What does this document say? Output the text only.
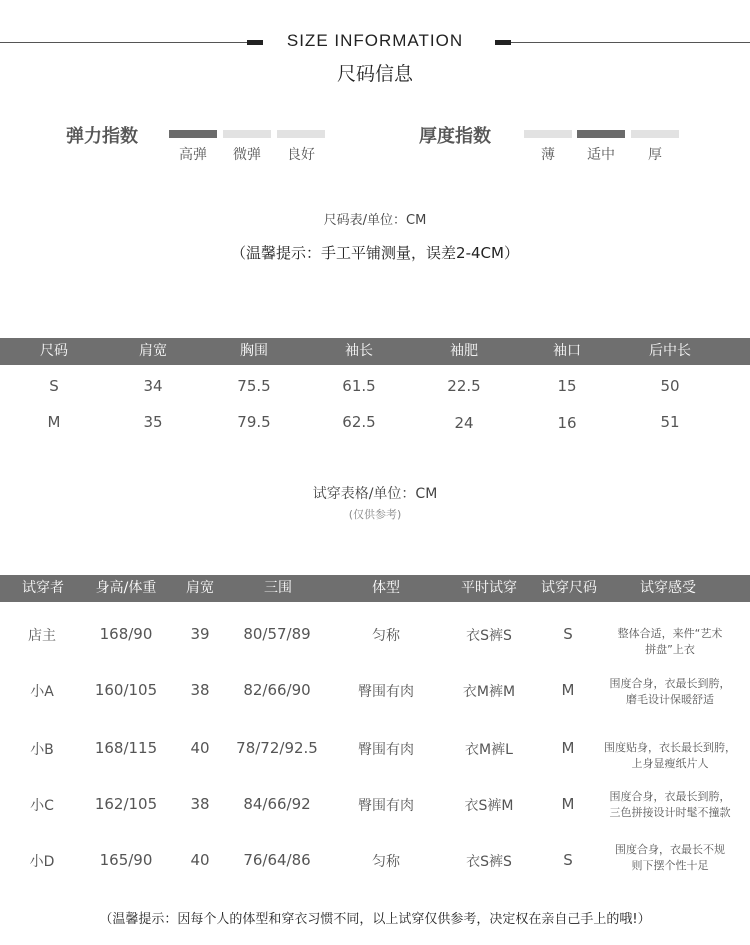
SIZE INFORMATION
尺码信息
弹力指数
高弹	微弹	良好
厚度指数
薄	适中	厚
尺码表/单位：CM
（温馨提示：手工平铺测量，误差2-4CM）
尺码	肩宽	胸围	袖长	袖肥	袖口	后中长
S	34	75.5	61.5	22.5	15	50
M	35	79.5	62.5	24	16	51
试穿表格/单位：CM
(仅供参考)
试穿者	身高/体重	肩宽	三围	体型	平时试穿	试穿尺码	试穿感受
店主	168/90	39	80/57/89	匀称	衣S裤S	S	整体合适，来件“艺术
拼盘”上衣
小A	160/105	38	82/66/90	臀围有肉	衣M裤M	M	围度合身，衣最长到胯，
磨毛设计保暖舒适
小B	168/115	40	78/72/92.5	臀围有肉	衣M裤L	M	围度贴身，衣长最长到胯，
上身显瘦纸片人
小C	162/105	38	84/66/92	臀围有肉	衣S裤M	M	围度合身，衣最长到胯，
三色拼接设计时髦不撞款
小D	165/90	40	76/64/86	匀称	衣S裤S	S
围度合身，衣最长不规
则下摆个性十足
（温馨提示：因每个人的体型和穿衣习惯不同，以上试穿仅供参考，决定权在亲自己手上的哦!）
